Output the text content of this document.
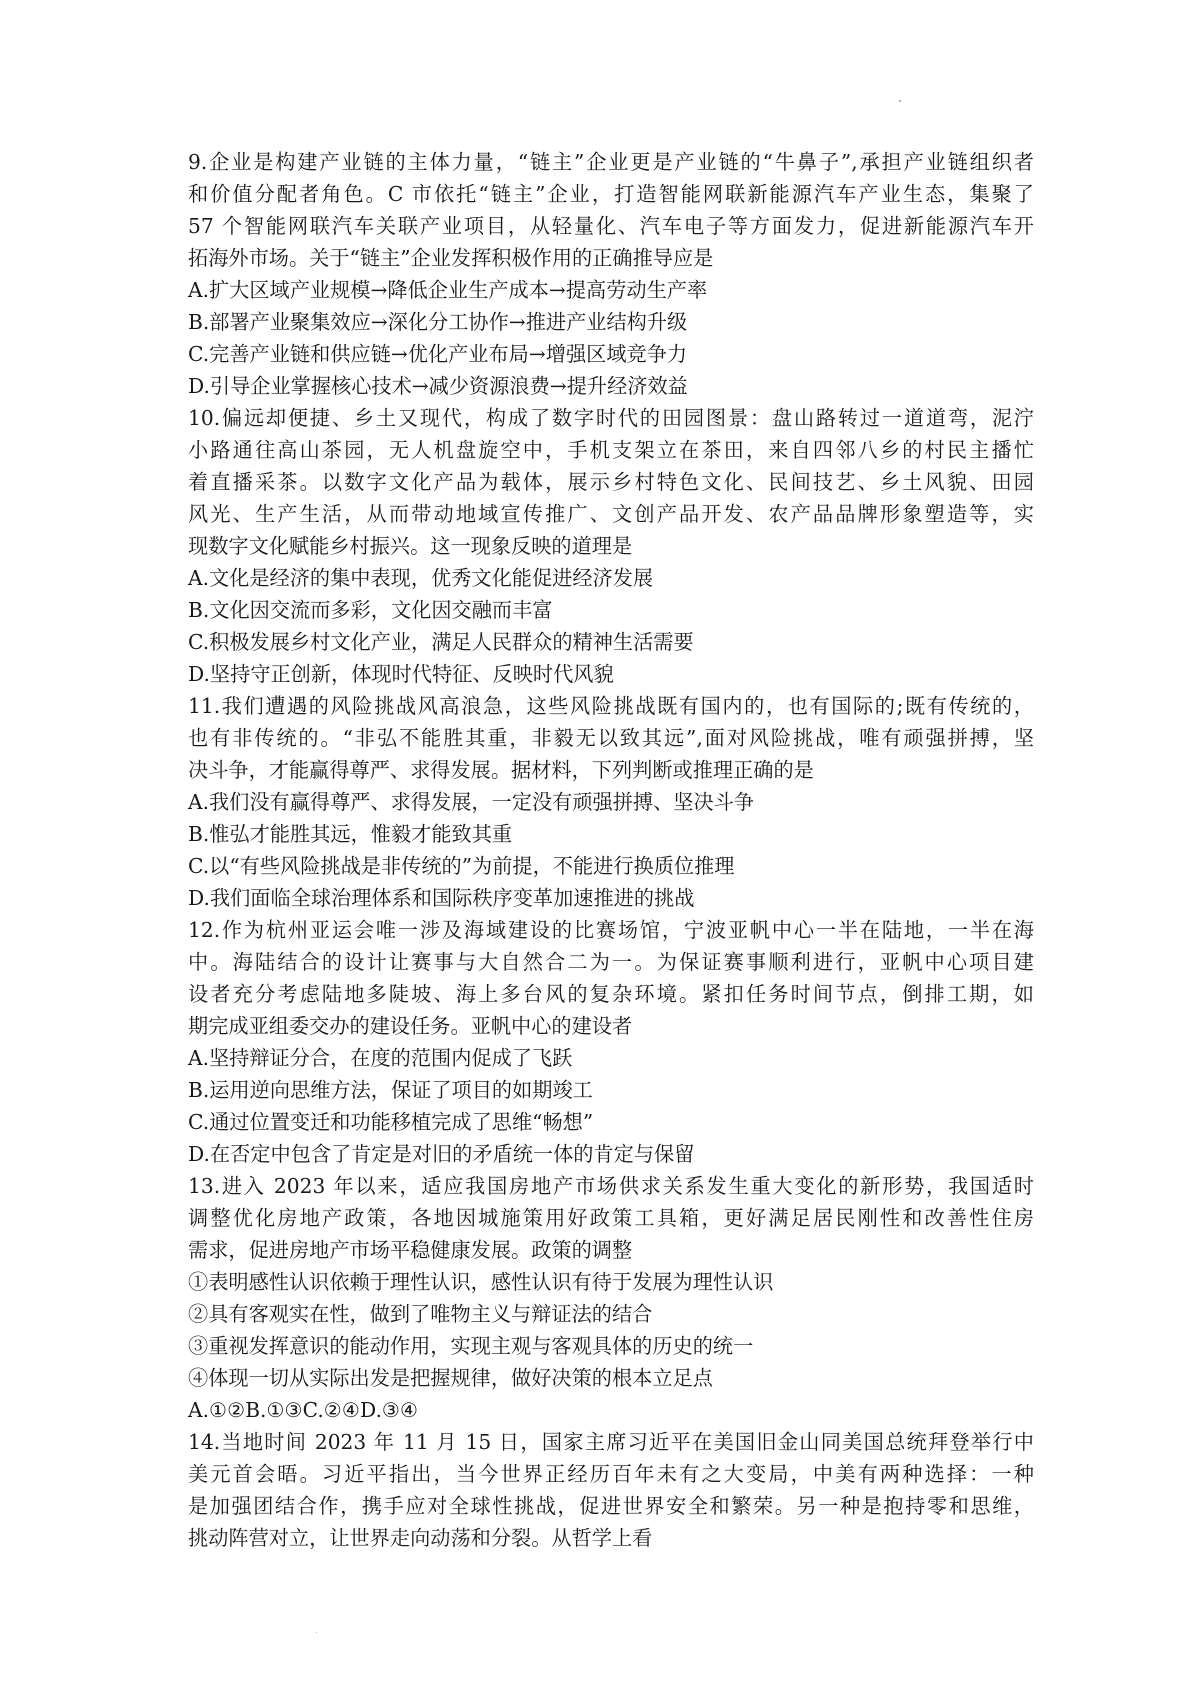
9.企业是构建产业链的主体力量，“链主”企业更是产业链的“牛鼻子”,承担产业链组织者
和价值分配者角色。C 市依托“链主”企业，打造智能网联新能源汽车产业生态，集聚了
57 个智能网联汽车关联产业项目，从轻量化、汽车电子等方面发力，促进新能源汽车开
拓海外市场。关于“链主”企业发挥积极作用的正确推导应是
A.扩大区域产业规模→降低企业生产成本→提高劳动生产率
B.部署产业聚集效应→深化分工协作→推进产业结构升级
C.完善产业链和供应链→优化产业布局→增强区域竞争力
D.引导企业掌握核心技术→减少资源浪费→提升经济效益
10.偏远却便捷、乡土又现代，构成了数字时代的田园图景：盘山路转过一道道弯，泥泞
小路通往高山茶园，无人机盘旋空中，手机支架立在茶田，来自四邻八乡的村民主播忙
着直播采茶。以数字文化产品为载体，展示乡村特色文化、民间技艺、乡土风貌、田园
风光、生产生活，从而带动地域宣传推广、文创产品开发、农产品品牌形象塑造等，实
现数字文化赋能乡村振兴。这一现象反映的道理是
A.文化是经济的集中表现，优秀文化能促进经济发展
B.文化因交流而多彩，文化因交融而丰富
C.积极发展乡村文化产业，满足人民群众的精神生活需要
D.坚持守正创新，体现时代特征、反映时代风貌
11.我们遭遇的风险挑战风高浪急，这些风险挑战既有国内的，也有国际的;既有传统的，
也有非传统的。“非弘不能胜其重，非毅无以致其远”,面对风险挑战，唯有顽强拼搏，坚
决斗争，才能赢得尊严、求得发展。据材料，下列判断或推理正确的是
A.我们没有赢得尊严、求得发展，一定没有顽强拼搏、坚决斗争
B.惟弘才能胜其远，惟毅才能致其重
C.以“有些风险挑战是非传统的”为前提，不能进行换质位推理
D.我们面临全球治理体系和国际秩序变革加速推进的挑战
12.作为杭州亚运会唯一涉及海域建设的比赛场馆，宁波亚帆中心一半在陆地，一半在海
中。海陆结合的设计让赛事与大自然合二为一。为保证赛事顺利进行，亚帆中心项目建
设者充分考虑陆地多陡坡、海上多台风的复杂环境。紧扣任务时间节点，倒排工期，如
期完成亚组委交办的建设任务。亚帆中心的建设者
A.坚持辩证分合，在度的范围内促成了飞跃
B.运用逆向思维方法，保证了项目的如期竣工
C.通过位置变迁和功能移植完成了思维“畅想”
D.在否定中包含了肯定是对旧的矛盾统一体的肯定与保留
13.进入 2023 年以来，适应我国房地产市场供求关系发生重大变化的新形势，我国适时
调整优化房地产政策，各地因城施策用好政策工具箱，更好满足居民刚性和改善性住房
需求，促进房地产市场平稳健康发展。政策的调整
①表明感性认识依赖于理性认识，感性认识有待于发展为理性认识
②具有客观实在性，做到了唯物主义与辩证法的结合
③重视发挥意识的能动作用，实现主观与客观具体的历史的统一
④体现一切从实际出发是把握规律，做好决策的根本立足点
A.①②B.①③C.②④D.③④
14.当地时间 2023 年 11 月 15 日，国家主席习近平在美国旧金山同美国总统拜登举行中
美元首会晤。习近平指出，当今世界正经历百年未有之大变局，中美有两种选择：一种
是加强团结合作，携手应对全球性挑战，促进世界安全和繁荣。另一种是抱持零和思维，
挑动阵营对立，让世界走向动荡和分裂。从哲学上看
